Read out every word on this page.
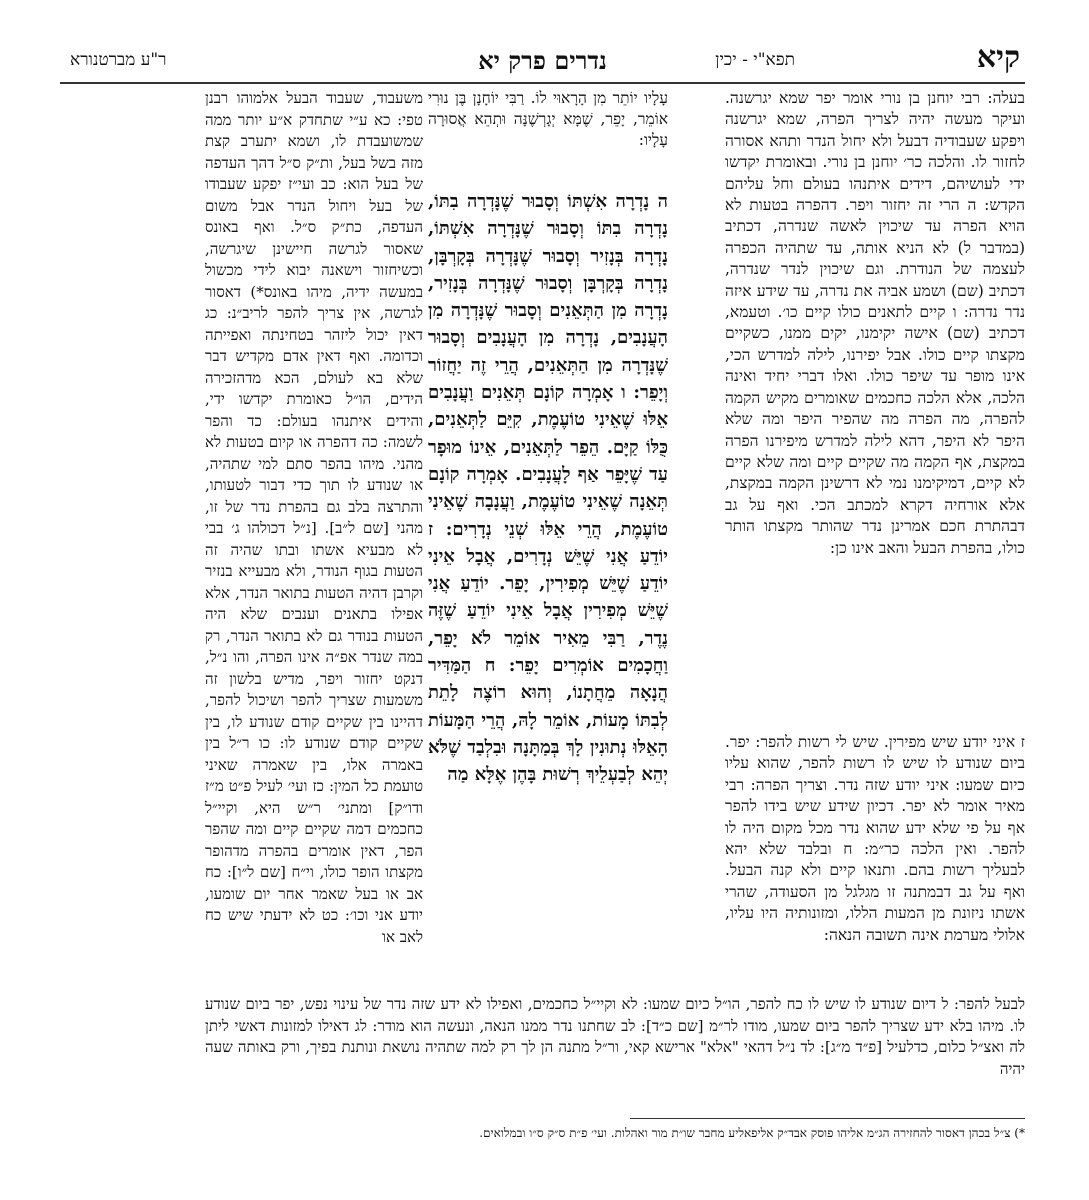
קיא
תפא"י - יכין
נדרים פרק יא
ר"ע מברטנורא
בעלה: רבי יוחנן בן נורי אומר יפר שמא יגרשנה. ועיקר מעשה יהיה לצריך הפרה, שמא יגרשנה ויפקע שעבודיה דבעל ולא יחול הנדר ותהא אסורה לחזור לו. והלכה כר׳ יוחנן בן נורי. ובאומרת יקדשו ידי לעושיהם, דידים איתנהו בעולם וחל עליהם הקדש: ה הרי זה יחזור ויפר. דהפרה בטעות לא הויא הפרה עד שיכוין לאשה שנדרה, דכתיב (במדבר ל) לא הניא אותה, עד שתהיה הכפרה לעצמה של הנודרת. וגם שיכוין לנדר שנדרה, דכתיב (שם) ושמע אביה את נדרה, עד שידע איזה נדר נדרה: ו קיים לתאנים כולו קיים כו׳. וטעמא, דכתיב (שם) אישה יקימנו, יקים ממנו, כשקיים מקצתו קיים כולו. אבל יפירנו, לילה למדרש הכי, אינו מופר עד שיפר כולו. ואלו דברי יחיד ואינה הלכה, אלא הלכה כחכמים שאומרים מקיש הקמה להפרה, מה הפרה מה שהפיר היפר ומה שלא היפר לא היפר, דהא לילה למדרש מיפירנו הפרה במקצת, אף הקמה מה שקיים קיים ומה שלא קיים לא קיים, דמיקימנו נמי לא דרשינן הקמה במקצת, אלא אורחיה דקרא למכתב הכי. ואף על גב דבהתרת חכם אמרינן נדר שהותר מקצתו הותר כולו, בהפרת הבעל והאב אינו כן:
ז איני יודע שיש מפירין. שיש לי רשות להפר: יפר. ביום שנודע לו שיש לו רשות להפר, שהוא עליו כיום שמעו: איני יודע שזה נדר. וצריך הפרה: רבי מאיר אומר לא יפר. דכיון שידע שיש בידו להפר אף על פי שלא ידע שהוא נדר מכל מקום היה לו להפר. ואין הלכה כר״מ: ח ובלבד שלא יהא לבעליך רשות בהם. ותנאו קיים ולא קנה הבעל. ואף על גב דבמתנה זו מגלגל מן הסעודה, שהרי אשתו ניזונת מן המעות הללו, ומזונותיה היו עליו, אלולי מערמת אינה תשובה הנאה:
עָלָיו יוֹתֵר מִן הָרָאוּי לוֹ. רַבִּי יוֹחָנָן בֶּן נוּרִי אוֹמֵר, יָפֵר, שֶׁמָּא יְגָרְשֶׁנָּה וּתְהֵא אֲסוּרָה עָלָיו:
ה נָדְרָה אִשְׁתּוֹ וְסָבוּר שֶׁנָּדְרָה בִתּוֹ, נָדְרָה בִתּוֹ וְסָבוּר שֶׁנָּדְרָה אִשְׁתּוֹ, נָדְרָה בְּנָזִיר וְסָבוּר שֶׁנָּדְרָה בְּקָרְבָּן, נָדְרָה בְּקָרְבָּן וְסָבוּר שֶׁנָּדְרָה בְּנָזִיר, נָדְרָה מִן הַתְּאֵנִים וְסָבוּר שֶׁנָּדְרָה מִן הָעֲנָבִים, נָדְרָה מִן הָעֲנָבִים וְסָבוּר שֶׁנָּדְרָה מִן הַתְּאֵנִים, הֲרֵי זֶה יַחֲזוֹר וְיָפֵר: ו אָמְרָה קוֹנָם תְּאֵנִים וַעֲנָבִים אֵלּוּ שֶׁאֵינִי טוֹעֶמֶת, קִיֵּם לַתְּאֵנִים, כֻּלּוֹ קַיָּם. הֵפֵר לַתְּאֵנִים, אֵינוֹ מוּפָר עַד שֶׁיָּפֵר אַף לָעֲנָבִים. אָמְרָה קוֹנָם תְּאֵנָה שֶׁאֵינִי טוֹעֶמֶת, וַעֲנָבָה שֶׁאֵינִי טוֹעֶמֶת, הֲרֵי אֵלּוּ שְׁנֵי נְדָרִים: ז יוֹדֵעַ אֲנִי שֶׁיֵּשׁ נְדָרִים, אֲבָל אֵינִי יוֹדֵעַ שֶׁיֵּשׁ מְפִירִין, יָפֵר. יוֹדֵעַ אֲנִי שֶׁיֵּשׁ מְפִירִין אֲבָל אֵינִי יוֹדֵעַ שֶׁזֶּה נֶדֶר, רַבִּי מֵאִיר אוֹמֵר לֹא יָפֵר, וַחֲכָמִים אוֹמְרִים יָפֵר: ח הַמַּדִּיר הֲנָאָה מֵחֲתָנוֹ, וְהוּא רוֹצֶה לָתֵת לְבִתּוֹ מָעוֹת, אוֹמֵר לָהּ, הֲרֵי הַמָּעוֹת הָאֵלּוּ נְתוּנִין לָךְ בְּמַתָּנָה וּבִלְבַד שֶׁלֹּא יְהֵא לְבַעְלֵיךְ רְשׁוּת בָּהֶן אֶלָּא מַה
משעבוד, שעבוד הבעל אלמוהו רבנן טפי: כא ע״י שתחדק א״ע יותר ממה שמשועבדת לו, ושמא יתערב קצת מזה בשל בעל, ות״ק ס״ל דהך העדפה של בעל הוא: כב ועי״ז יפקע שעבודו של בעל ויחול הנדר אבל משום העדפה, כת״ק ס״ל. ואף באונס שאסור לגרשה חיישינן שיגרשה, וכשיחזור וישאנה יבוא לידי מכשול במעשה ידיה, מיהו באונס*) דאסור לגרשה, אין צריך להפר לריב״נ: כג דאין יכול ליזהר בטחינתה ואפייתה וכדומה. ואף דאין אדם מקדיש דבר שלא בא לעולם, הכא מדהזכירה הידים, הו״ל כאומרת יקדשו ידי, והידים איתנהו בעולם: כד והפר לשמה: כה דהפרה או קיום בטעות לא מהני. מיהו בהפר סתם למי שתהיה, או שנודע לו תוך כדי דבור לטעותו, והתרצה בלב גם בהפרת נדר של זו, מהני [שם ל״ב]. [נ״ל דכולהו ג׳ בבי לא מבעיא אשתו ובתו שהיה זה הטעות בגוף הנודר, ולא מבעייא בנזיר וקרבן דהיה הטעות בתואר הנדר, אלא אפילו בתאנים וענבים שלא היה הטעות בנודר גם לא בתואר הנדר, רק במה שנדר אפ״ה אינו הפרה, והו נ״ל, דנקט יחזור ויפר, מדיש בלשון זה משמעות שצריך להפר ושיכול להפר, דהיינו בין שקיים קודם שנודע לו, בין שקיים קודם שנודע לו: כו ר״ל בין באמרה אלו, בין שאמרה שאיני טועמת כל המין: כז ועי׳ לעיל פ״ט מ״ז ודו״ק] ומתני׳ ר״ש היא, וקיי״ל כחכמים דמה שקיים קיים ומה שהפר הפר, דאין אומרים בהפרה מדהופר מקצתו הופר כולו, וי״ח [שם ל״ו]: כח אב או בעל שאמר אחר יום שומעו, יודע אני וכו׳: כט לא ידעתי שיש כח לאב או
לבעל להפר: ל דיום שנודע לו שיש לו כח להפר, הו״ל כיום שמעו: לא וקיי״ל כחכמים, ואפילו לא ידע שזה נדר של עינוי נפש, יפר ביום שנודע לו. מיהו בלא ידע שצריך להפר ביום שמעו, מודו לר״מ [שם כ״ד]: לב שחתנו נדר ממנו הנאה, ונעשה הוא מודר: לג דאילו למזונות דאשי ליתן לה ואצ״ל כלום, כדלעיל [פ״ד מ״ג]: לד נ״ל דהאי "אלא" ארישא קאי, ור״ל מתנה הן לך רק למה שתהיה נושאת ונותנת בפיך, ורק באותה שעה יהיה
*) צ״ל בכהן דאסור להחזירה הג״מ אליהו פוסק אבד״ק אליפאליע מחבר שו״ת מור ואהלות. ועי׳ פ״ת ס״ק ס״ו ובמלואים.
